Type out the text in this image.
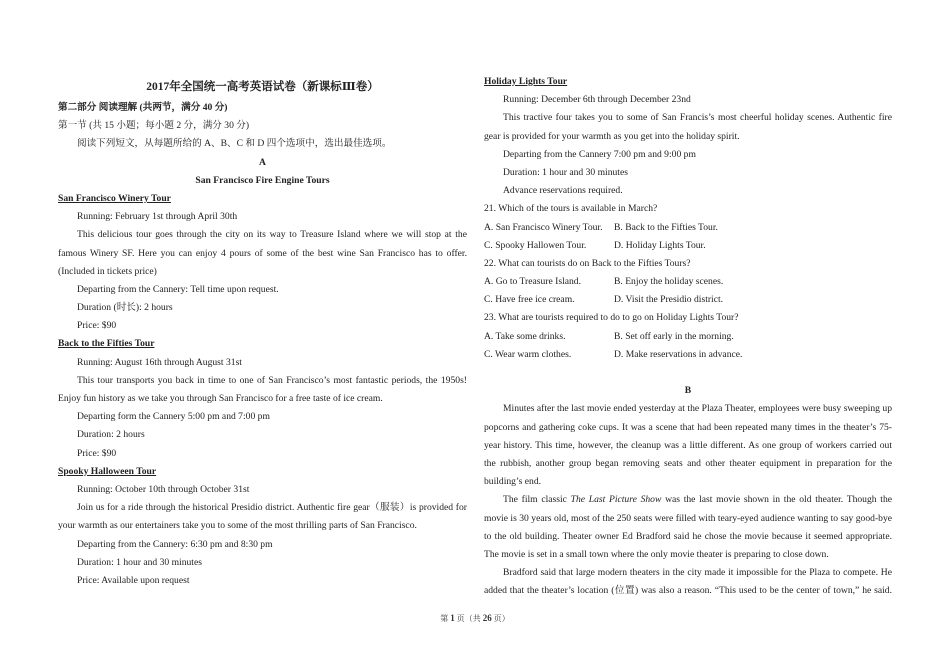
2017年全国统一高考英语试卷（新课标Ⅲ卷）
第二部分 阅读理解 (共两节，满分 40 分)
第一节 (共 15 小题；每小题 2 分，满分 30 分)
阅读下列短文，从每题所给的 A、B、C 和 D 四个选项中，选出最佳选项。
A
San Francisco Fire Engine Tours
San Francisco Winery Tour
Running: February 1st through April 30th
This delicious tour goes through the city on its way to Treasure Island where we will stop at the
famous Winery SF. Here you can enjoy 4 pours of some of the best wine San Francisco has to offer.
(Included in tickets price)
Departing from the Cannery: Tell time upon request.
Duration (时长): 2 hours
Price: $90
Back to the Fifties Tour
Running: August 16th through August 31st
This tour transports you back in time to one of San Francisco’s most fantastic periods, the 1950s!
Enjoy fun history as we take you through San Francisco for a free taste of ice cream.
Departing form the Cannery 5:00 pm and 7:00 pm
Duration: 2 hours
Price: $90
Spooky Halloween Tour
Running: October 10th through October 31st
Join us for a ride through the historical Presidio district. Authentic fire gear（服装）is provided for
your warmth as our entertainers take you to some of the most thrilling parts of San Francisco.
Departing from the Cannery: 6:30 pm and 8:30 pm
Duration: 1 hour and 30 minutes
Price: Available upon request
Holiday Lights Tour
Running: December 6th through December 23nd
This tractive four takes you to some of San Francis’s most cheerful holiday scenes. Authentic fire
gear is provided for your warmth as you get into the holiday spirit.
Departing from the Cannery 7:00 pm and 9:00 pm
Duration: 1 hour and 30 minutes
Advance reservations required.
21. Which of the tours is available in March?
A. San Francisco Winery Tour.	B. Back to the Fifties Tour.
C. Spooky Hallowen Tour.	D. Holiday Lights Tour.
22. What can tourists do on Back to the Fifties Tours?
A. Go to Treasure Island.	B. Enjoy the holiday scenes.
C. Have free ice cream.	D. Visit the Presidio district.
23. What are tourists required to do to go on Holiday Lights Tour?
A. Take some drinks.	B. Set off early in the morning.
C. Wear warm clothes.	D. Make reservations in advance.
B
Minutes after the last movie ended yesterday at the Plaza Theater, employees were busy sweeping up
popcorns and gathering coke cups. It was a scene that had been repeated many times in the theater’s 75-
year history. This time, however, the cleanup was a little different. As one group of workers carried out
the rubbish, another group began removing seats and other theater equipment in preparation for the
building’s end.
The film classic The Last Picture Show was the last movie shown in the old theater. Though the
movie is 30 years old, most of the 250 seats were filled with teary-eyed audience wanting to say good-bye
to the old building. Theater owner Ed Bradford said he chose the movie because it seemed appropriate.
The movie is set in a small town where the only movie theater is preparing to close down.
Bradford said that large modern theaters in the city made it impossible for the Plaza to compete. He
added that the theater’s location (位置) was also a reason. “This used to be the center of town,” he said.
第 1 页（共 26 页）
